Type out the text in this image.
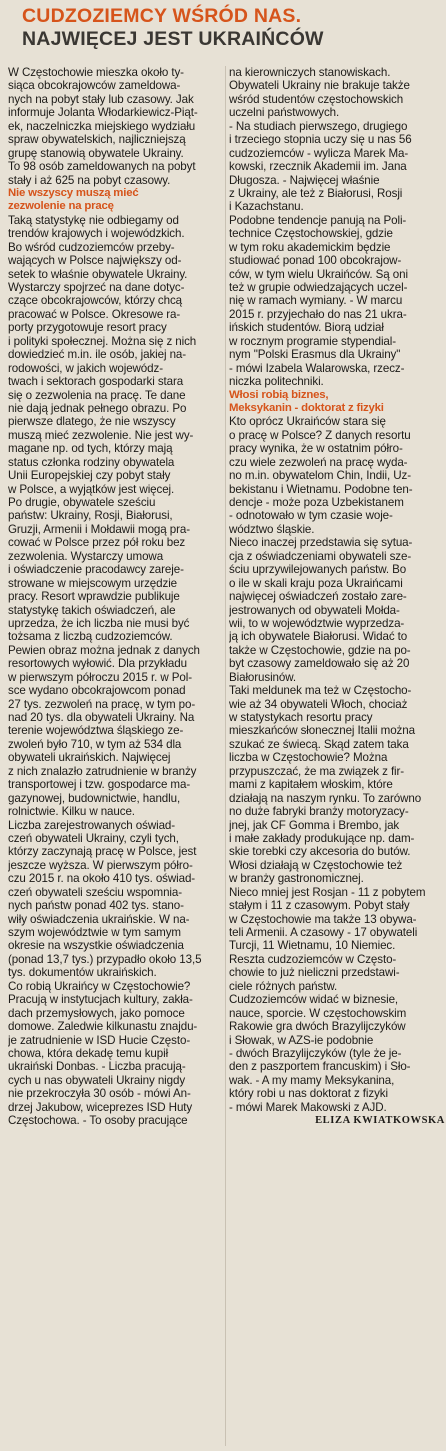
CUDZOZIEMCY WŚRÓD NAS.
NAJWIĘCEJ JEST UKRAIŃCÓW
W Częstochowie mieszka około ty-
siąca obcokrajowców zameldowa-
nych na pobyt stały lub czasowy. Jak
informuje Jolanta Włodarkiewicz-Piąt-
ek, naczelniczka miejskiego wydziału
spraw obywatelskich, najliczniejszą
grupę stanowią obywatele Ukrainy.
To 98 osób zameldowanych na pobyt
stały i aż 625 na pobyt czasowy.
Nie wszyscy muszą mieć
zezwolenie na pracę
Taką statystykę nie odbiegamy od
trendów krajowych i wojewódzkich.
Bo wśród cudzoziemców przeby-
wających w Polsce największy od-
setek to właśnie obywatele Ukrainy.
Wystarczy spojrzeć na dane dotyc-
czące obcokrajowców, którzy chcą
pracować w Polsce. Okresowe ra-
porty przygotowuje resort pracy
i polityki społecznej. Można się z nich
dowiedzieć m.in. ile osób, jakiej na-
rodowości, w jakich wojewódz-
twach i sektorach gospodarki stara
się o zezwolenia na pracę. Te dane
nie dają jednak pełnego obrazu. Po
pierwsze dlatego, że nie wszyscy
muszą mieć zezwolenie. Nie jest wy-
magane np. od tych, którzy mają
status członka rodziny obywatela
Unii Europejskiej czy pobyt stały
w Polsce, a wyjątków jest więcej.
Po drugie, obywatele sześciu
państw: Ukrainy, Rosji, Białorusi,
Gruzji, Armenii i Mołdawii mogą pra-
cować w Polsce przez pół roku bez
zezwolenia. Wystarczy umowa
i oświadczenie pracodawcy zareje-
strowane w miejscowym urzędzie
pracy. Resort wprawdzie publikuje
statystykę takich oświadczeń, ale
uprzedza, że ich liczba nie musi być
tożsama z liczbą cudzoziemców.
Pewien obraz można jednak z danych
resortowych wyłowić. Dla przykładu
w pierwszym półroczu 2015 r. w Pol-
sce wydano obcokrajowcom ponad
27 tys. zezwoleń na pracę, w tym po-
nad 20 tys. dla obywateli Ukrainy. Na
terenie województwa śląskiego ze-
zwoleń było 710, w tym aż 534 dla
obywateli ukraińskich. Najwięcej
z nich znalazło zatrudnienie w branży
transportowej i tzw. gospodarce ma-
gazynowej, budownictwie, handlu,
rolnictwie. Kilku w nauce.
Liczba zarejestrowanych oświad-
czeń obywateli Ukrainy, czyli tych,
którzy zaczynają pracę w Polsce, jest
jeszcze wyższa. W pierwszym półro-
czu 2015 r. na około 410 tys. oświad-
czeń obywateli sześciu wspomnia-
nych państw ponad 402 tys. stano-
wiły oświadczenia ukraińskie. W na-
szym województwie w tym samym
okresie na wszystkie oświadczenia
(ponad 13,7 tys.) przypadło około 13,5
tys. dokumentów ukraińskich.
Co robią Ukraińcy w Częstochowie?
Pracują w instytucjach kultury, zakła-
dach przemysłowych, jako pomoce
domowe. Zaledwie kilkunastu znajdu-
je zatrudnienie w ISD Hucie Często-
chowa, która dekadę temu kupił
ukraiński Donbas. - Liczba pracują-
cych u nas obywateli Ukrainy nigdy
nie przekroczyła 30 osób - mówi An-
drzej Jakubow, wiceprezes ISD Huty
Częstochowa. - To osoby pracujące
na kierowniczych stanowiskach.
Obywateli Ukrainy nie brakuje także
wśród studentów częstochowskich
uczelni państwowych.
- Na studiach pierwszego, drugiego
i trzeciego stopnia uczy się u nas 56
cudzoziemców - wylicza Marek Ma-
kowski, rzecznik Akademii im. Jana
Długosza. - Najwięcej właśnie
z Ukrainy, ale też z Białorusi, Rosji
i Kazachstanu.
Podobne tendencje panują na Poli-
technice Częstochowskiej, gdzie
w tym roku akademickim będzie
studiować ponad 100 obcokrajow-
ców, w tym wielu Ukraińców. Są oni
też w grupie odwiedzających uczel-
nię w ramach wymiany. - W marcu
2015 r. przyjechało do nas 21 ukra-
ińskich studentów. Biorą udział
w rocznym programie stypendial-
nym "Polski Erasmus dla Ukrainy"
- mówi Izabela Walarowska, rzecz-
niczka politechniki.
Włosi robią biznes,
Meksykanin - doktorat z fizyki
Kto oprócz Ukraińców stara się
o pracę w Polsce? Z danych resortu
pracy wynika, że w ostatnim półro-
czu wiele zezwoleń na pracę wyda-
no m.in. obywatelom Chin, Indii, Uz-
bekistanu i Wietnamu. Podobne ten-
dencje - może poza Uzbekistanem
- odnotowało w tym czasie woje-
wództwo śląskie.
Nieco inaczej przedstawia się sytua-
cja z oświadczeniami obywateli sze-
ściu uprzywilejowanych państw. Bo
o ile w skali kraju poza Ukraińcami
najwięcej oświadczeń zostało zare-
jestrowanych od obywateli Mołda-
wii, to w województwie wyprzedza-
ją ich obywatele Białorusi. Widać to
także w Częstochowie, gdzie na po-
byt czasowy zameldowało się aż 20
Białorusinów.
Taki meldunek ma też w Częstocho-
wie aż 34 obywateli Włoch, chociaż
w statystykach resortu pracy
mieszkańców słonecznej Italii można
szukać ze świecą. Skąd zatem taka
liczba w Częstochowie? Można
przypuszczać, że ma związek z fir-
mami z kapitałem włoskim, które
działają na naszym rynku. To zarówno
no duże fabryki branży motoryzacy-
jnej, jak CF Gomma i Brembo, jak
i małe zakłady produkujące np. dam-
skie torebki czy akcesoria do butów.
Włosi działają w Częstochowie też
w branży gastronomicznej.
Nieco mniej jest Rosjan - 11 z pobytem
stałym i 11 z czasowym. Pobyt stały
w Częstochowie ma także 13 obywa-
teli Armenii. A czasowy - 17 obywateli
Turcji, 11 Wietnamu, 10 Niemiec.
Reszta cudzoziemców w Często-
chowie to już nieliczni przedstawi-
ciele różnych państw.
Cudzoziemców widać w biznesie,
nauce, sporcie. W częstochowskim
Rakowie gra dwóch Brazylijczyków
i Słowak, w AZS-ie podobnie
- dwóch Brazylijczyków (tyle że je-
den z paszportem francuskim) i Sło-
wak. - A my mamy Meksykanina,
który robi u nas doktorat z fizyki
- mówi Marek Makowski z AJD.
ELIZA KWIATKOWSKA
